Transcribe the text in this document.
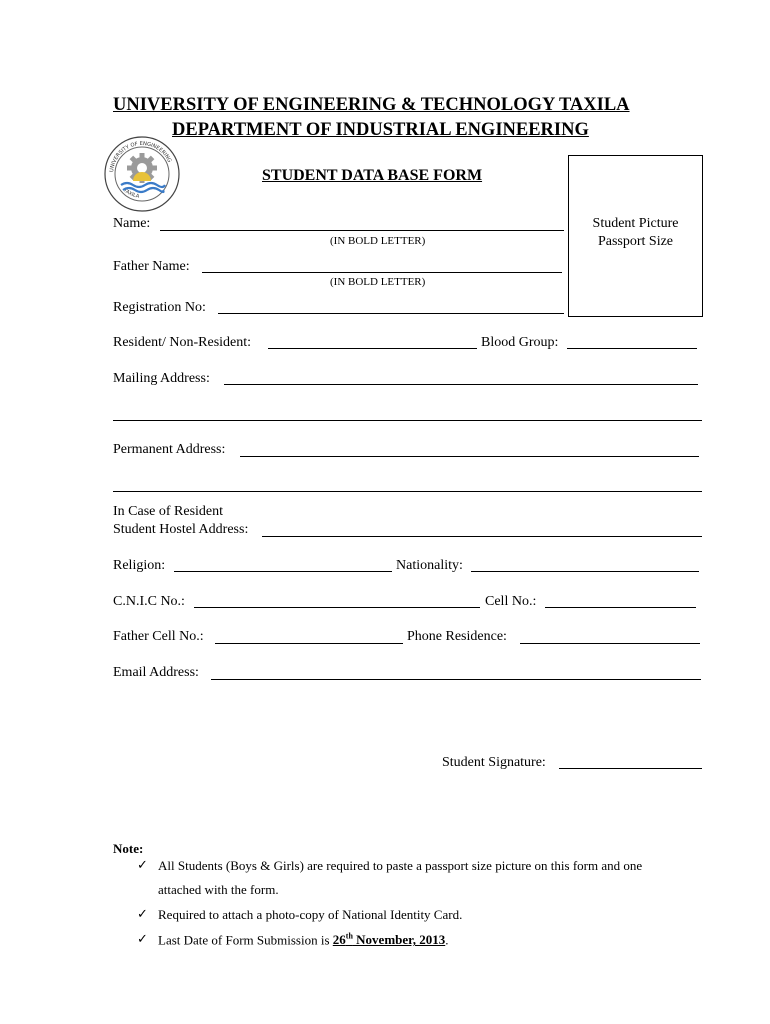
UNIVERSITY OF ENGINEERING & TECHNOLOGY TAXILA
DEPARTMENT OF INDUSTRIAL ENGINEERING
UNIVERSITY OF ENGINEERING
TAXILA
STUDENT DATA BASE FORM
Student Picture
Passport Size
Name:
(IN BOLD LETTER)
Father Name:
(IN BOLD LETTER)
Registration No:
Resident/ Non-Resident:	Blood Group:
Mailing Address:
Permanent Address:
In Case of Resident
Student Hostel Address:
Religion:	Nationality:
C.N.I.C No.:	Cell No.:
Father Cell No.:	Phone Residence:
Email Address:
Student Signature:
Note:
✓ All Students (Boys & Girls) are required to paste a passport size picture on this form and one
attached with the form.
✓ Required to attach a photo-copy of National Identity Card.
✓ Last Date of Form Submission is 26th November, 2013.
